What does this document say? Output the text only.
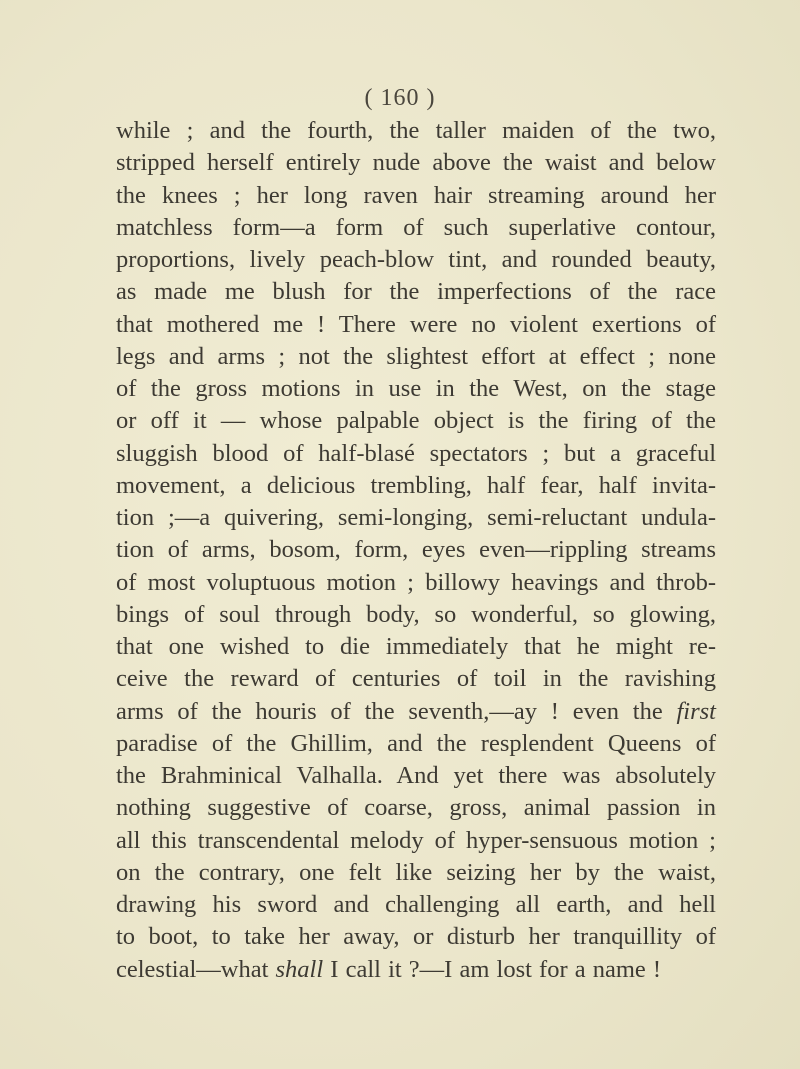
( 160 )
while ; and the fourth, the taller maiden of the two,
stripped herself entirely nude above the waist and below
the knees ; her long raven hair streaming around her
matchless form—a form of such superlative contour,
proportions, lively peach-blow tint, and rounded beauty,
as made me blush for the imperfections of the race
that mothered me ! There were no violent exertions of
legs and arms ; not the slightest effort at effect ; none
of the gross motions in use in the West, on the stage
or off it — whose palpable object is the firing of the
sluggish blood of half-blasé spectators ; but a graceful
movement, a delicious trembling, half fear, half invita-
tion ;—a quivering, semi-longing, semi-reluctant undula-
tion of arms, bosom, form, eyes even—rippling streams
of most voluptuous motion ; billowy heavings and throb-
bings of soul through body, so wonderful, so glowing,
that one wished to die immediately that he might re-
ceive the reward of centuries of toil in the ravishing
arms of the houris of the seventh,—ay ! even the first
paradise of the Ghillim, and the resplendent Queens of
the Brahminical Valhalla. And yet there was absolutely
nothing suggestive of coarse, gross, animal passion in
all this transcendental melody of hyper-sensuous motion ;
on the contrary, one felt like seizing her by the waist,
drawing his sword and challenging all earth, and hell
to boot, to take her away, or disturb her tranquillity of
celestial—what shall I call it ?—I am lost for a name !
